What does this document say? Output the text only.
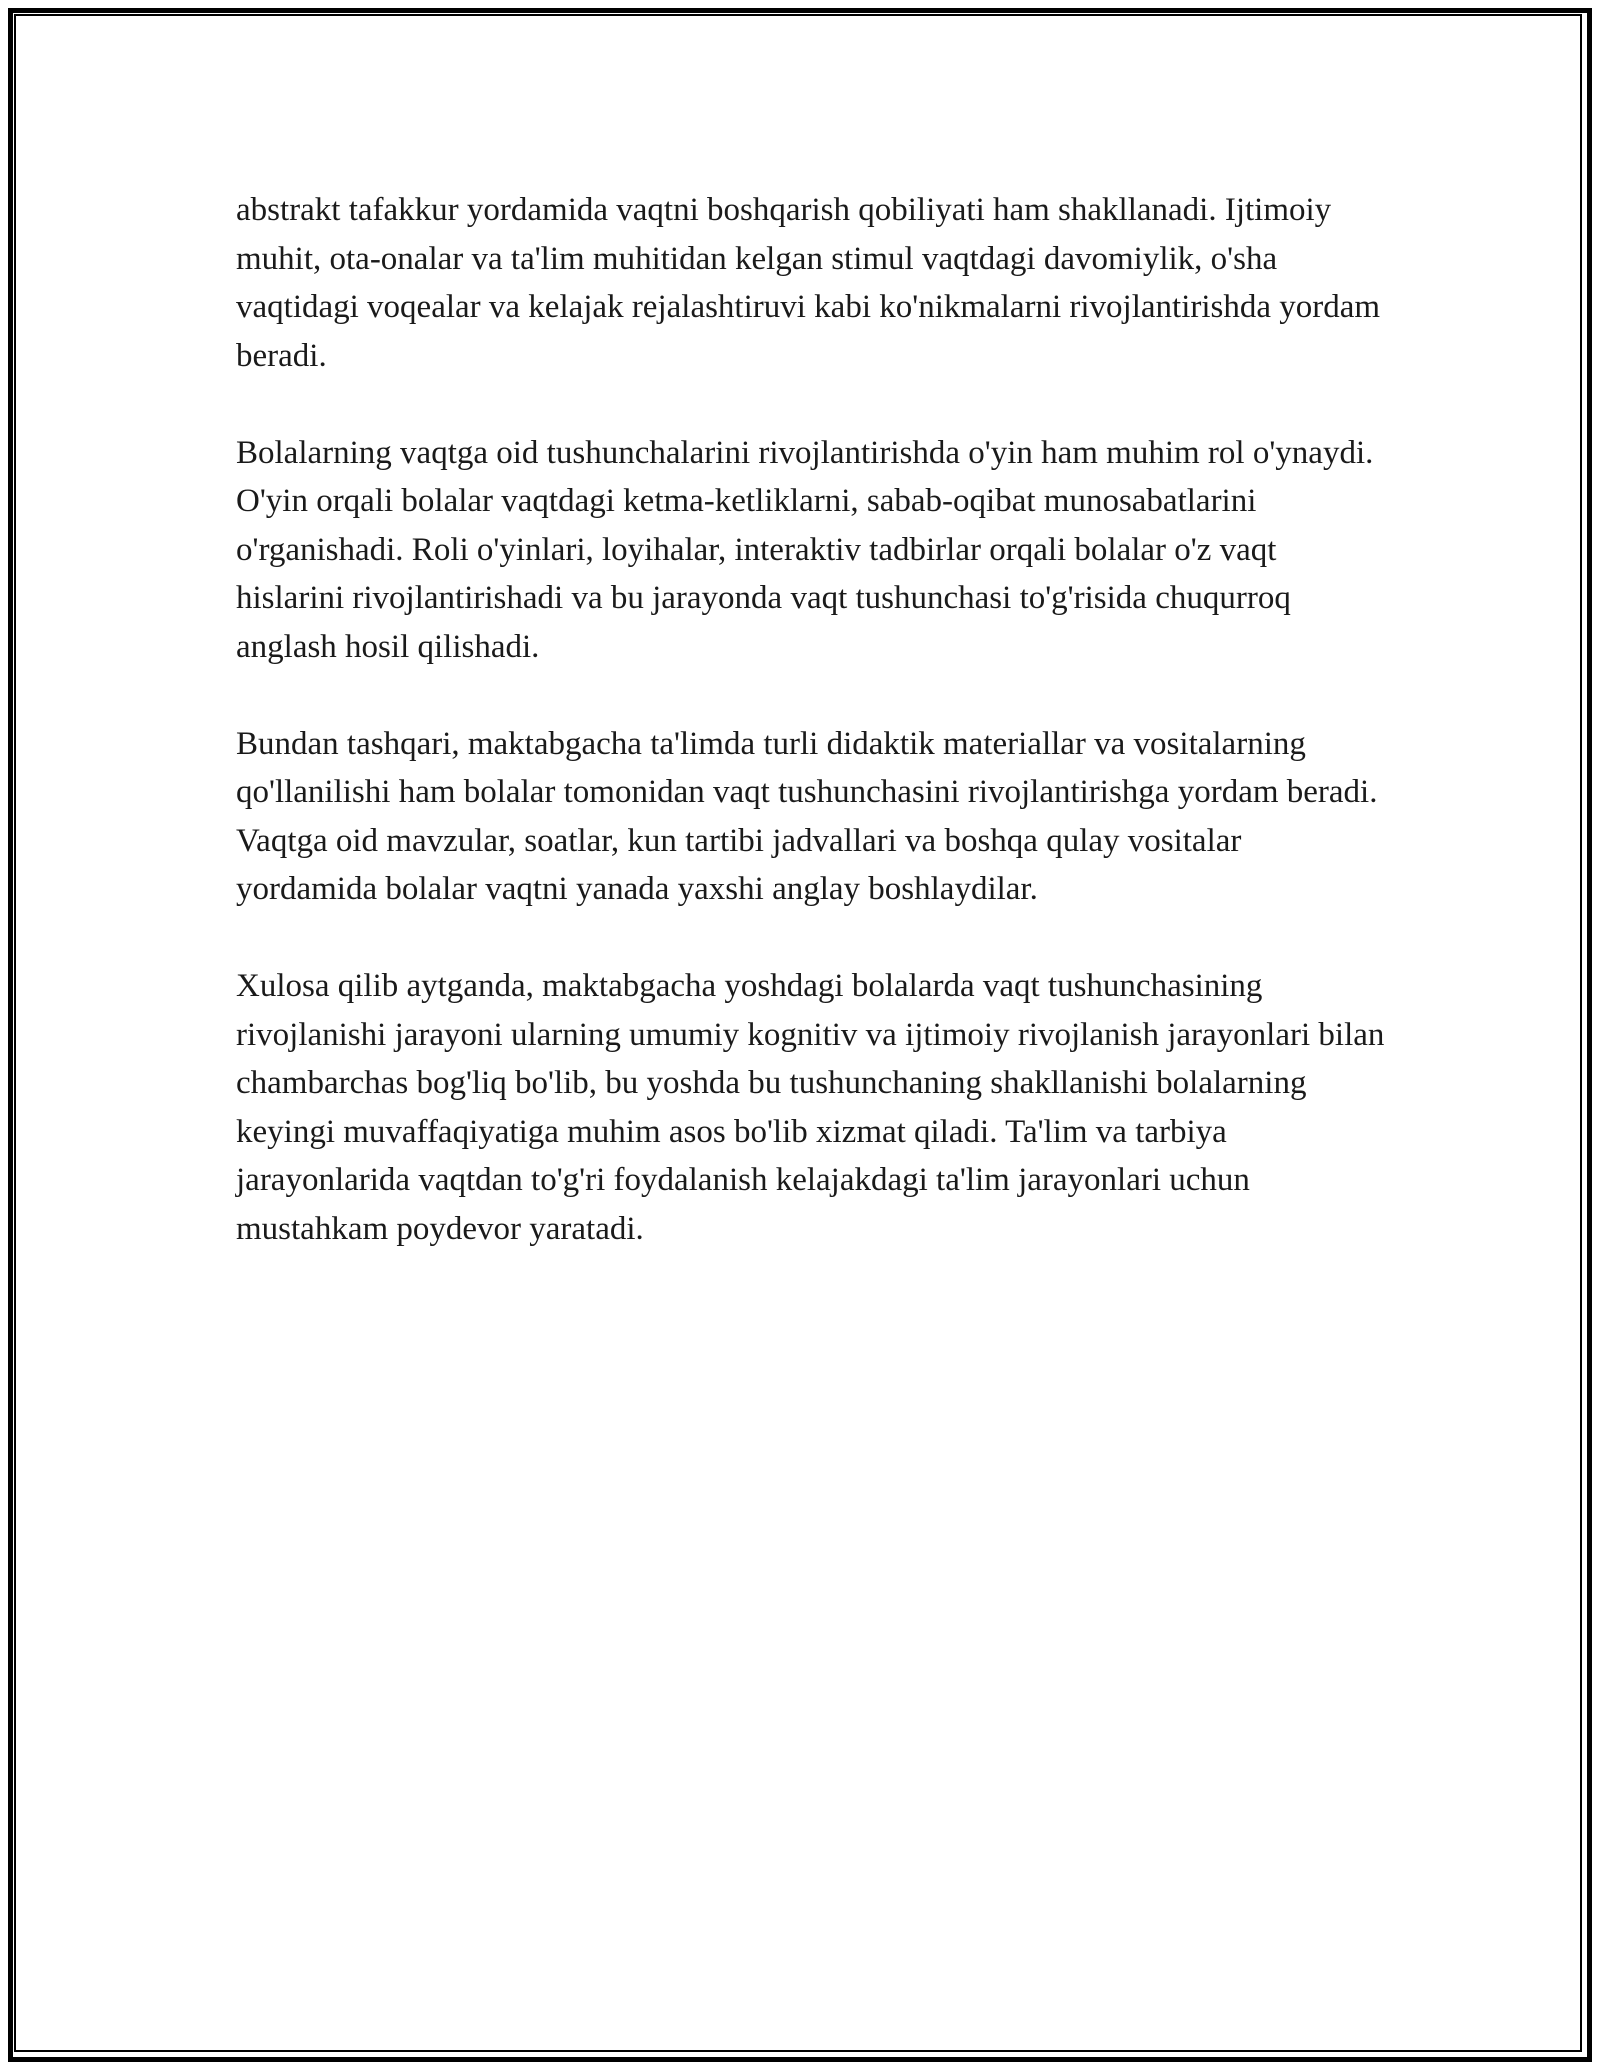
abstrakt tafakkur yordamida vaqtni boshqarish qobiliyati ham shakllanadi. Ijtimoiy muhit, ota-onalar va ta'lim muhitidan kelgan stimul vaqtdagi davomiylik, o'sha vaqtidagi voqealar va kelajak rejalashtiruvi kabi ko'nikmalarni rivojlantirishda yordam beradi.

Bolalarning vaqtga oid tushunchalarini rivojlantirishda o'yin ham muhim rol o'ynaydi. O'yin orqali bolalar vaqtdagi ketma-ketliklarni, sabab-oqibat munosabatlarini o'rganishadi. Roli o'yinlari, loyihalar, interaktiv tadbirlar orqali bolalar o'z vaqt hislarini rivojlantirishadi va bu jarayonda vaqt tushunchasi to'g'risida chuqurroq anglash hosil qilishadi.

Bundan tashqari, maktabgacha ta'limda turli didaktik materiallar va vositalarning qo'llanilishi ham bolalar tomonidan vaqt tushunchasini rivojlantirishga yordam beradi. Vaqtga oid mavzular, soatlar, kun tartibi jadvallari va boshqa qulay vositalar yordamida bolalar vaqtni yanada yaxshi anglay boshlaydilar.

Xulosa qilib aytganda, maktabgacha yoshdagi bolalarda vaqt tushunchasining rivojlanishi jarayoni ularning umumiy kognitiv va ijtimoiy rivojlanish jarayonlari bilan chambarchas bog'liq bo'lib, bu yoshda bu tushunchaning shakllanishi bolalarning keyingi muvaffaqiyatiga muhim asos bo'lib xizmat qiladi. Ta'lim va tarbiya jarayonlarida vaqtdan to'g'ri foydalanish kelajakdagi ta'lim jarayonlari uchun mustahkam poydevor yaratadi.
